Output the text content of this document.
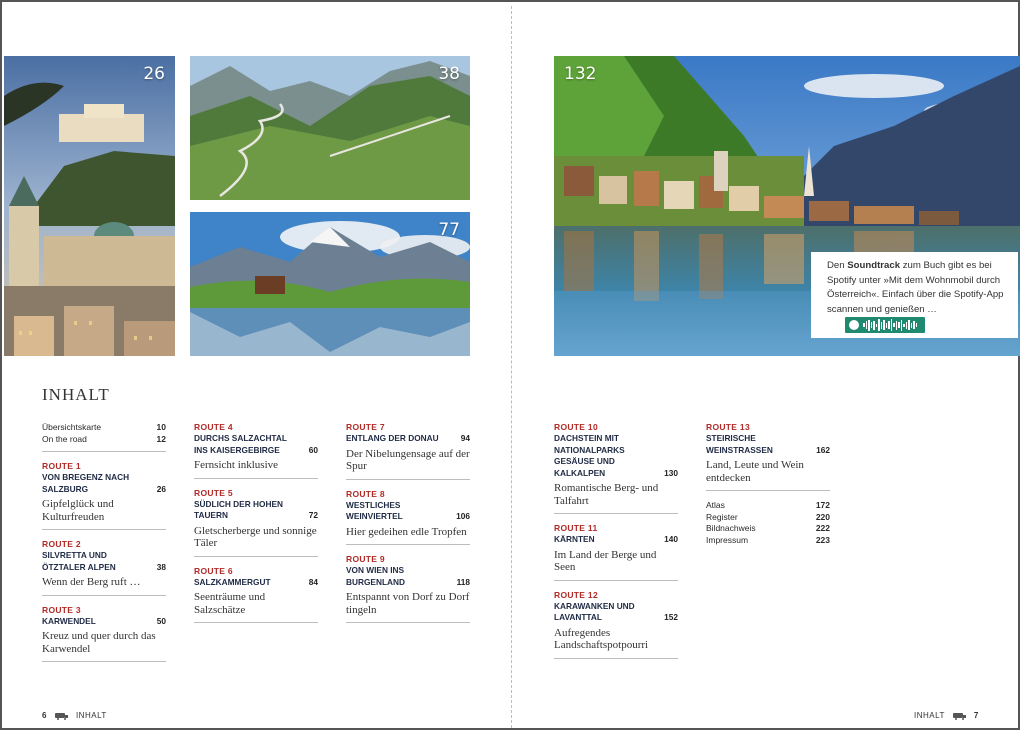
26	38
77
132
Den Soundtrack zum Buch gibt es bei Spotify unter »Mit dem Wohnmobil durch Österreich«. Einfach über die Spotify-App scannen und genießen …
INHALT
Übersichtskarte	10
On the road	12
ROUTE 1
VON BREGENZ NACH SALZBURG	26
Gipfelglück und Kulturfreuden
ROUTE 2
SILVRETTA UND ÖTZTALER ALPEN	38
Wenn der Berg ruft …
ROUTE 3
KARWENDEL	50
Kreuz und quer durch das Karwendel
ROUTE 4
DURCHS SALZACHTAL INS KAISERGEBIRGE	60
Fernsicht inklusive
ROUTE 5
SÜDLICH DER HOHEN TAUERN	72
Gletscherberge und sonnige Täler
ROUTE 6
SALZKAMMERGUT	84
Seenträume und Salzschätze
ROUTE 7
ENTLANG DER DONAU	94
Der Nibelungensage auf der Spur
ROUTE 8
WESTLICHES WEINVIERTEL	106
Hier gedeihen edle Tropfen
ROUTE 9
VON WIEN INS BURGENLAND	118
Entspannt von Dorf zu Dorf tingeln
ROUTE 10
DACHSTEIN MIT NATIONALPARKS GESÄUSE UND KALKALPEN	130
Romantische Berg- und Talfahrt
ROUTE 11
KÄRNTEN	140
Im Land der Berge und Seen
ROUTE 12
KARAWANKEN UND LAVANTTAL	152
Aufregendes Landschaftspotpourri
ROUTE 13
STEIRISCHE WEINSTRASSEN	162
Land, Leute und Wein entdecken
Atlas	172
Register	220
Bildnachweis	222
Impressum	223
6	INHALT	INHALT	7
